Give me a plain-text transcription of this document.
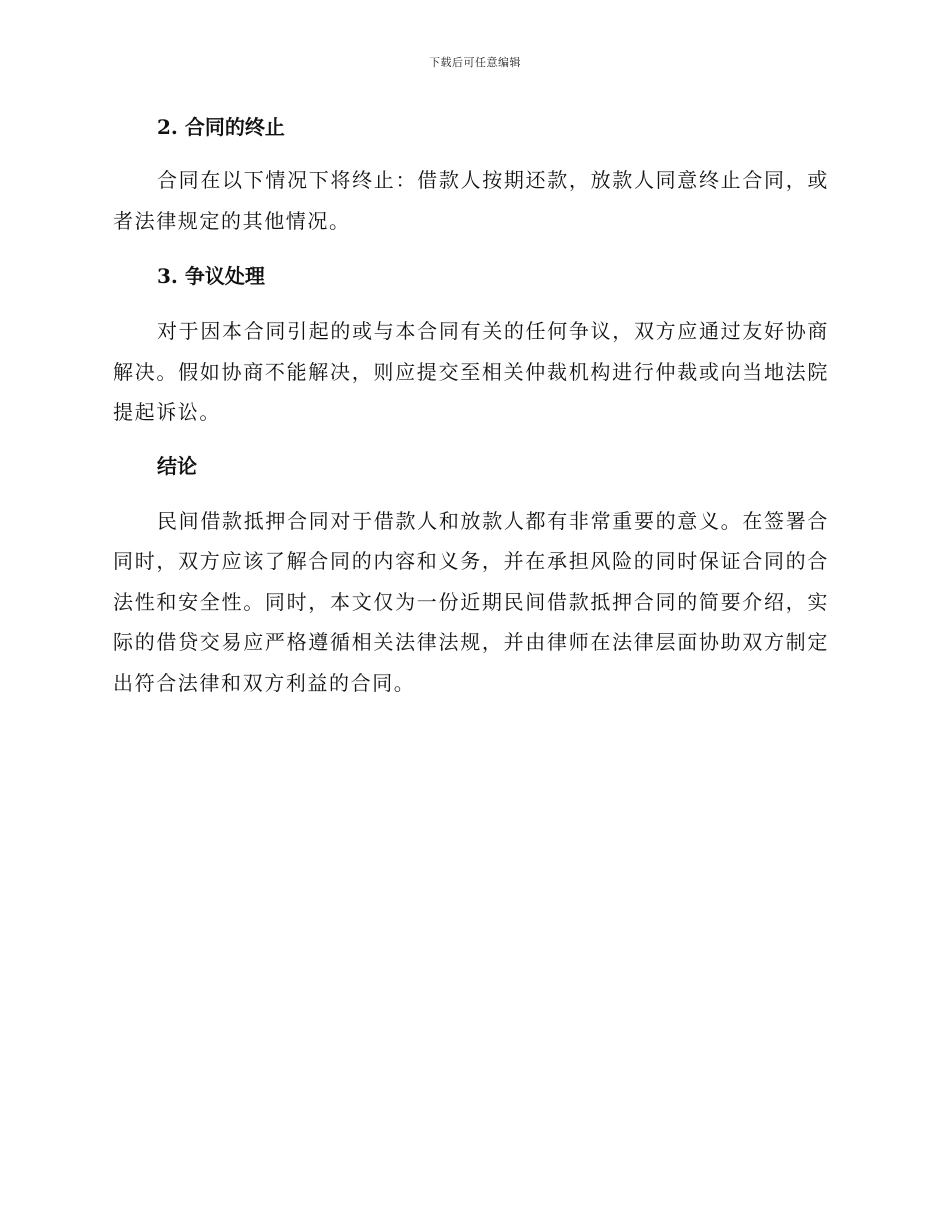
下载后可任意编辑
2. 合同的终止

合同在以下情况下将终止：借款人按期还款，放款人同意终止合同，或者法律规定的其他情况。

3. 争议处理

对于因本合同引起的或与本合同有关的任何争议，双方应通过友好协商解决。假如协商不能解决，则应提交至相关仲裁机构进行仲裁或向当地法院提起诉讼。

结论

民间借款抵押合同对于借款人和放款人都有非常重要的意义。在签署合同时，双方应该了解合同的内容和义务，并在承担风险的同时保证合同的合法性和安全性。同时，本文仅为一份近期民间借款抵押合同的简要介绍，实际的借贷交易应严格遵循相关法律法规，并由律师在法律层面协助双方制定出符合法律和双方利益的合同。
